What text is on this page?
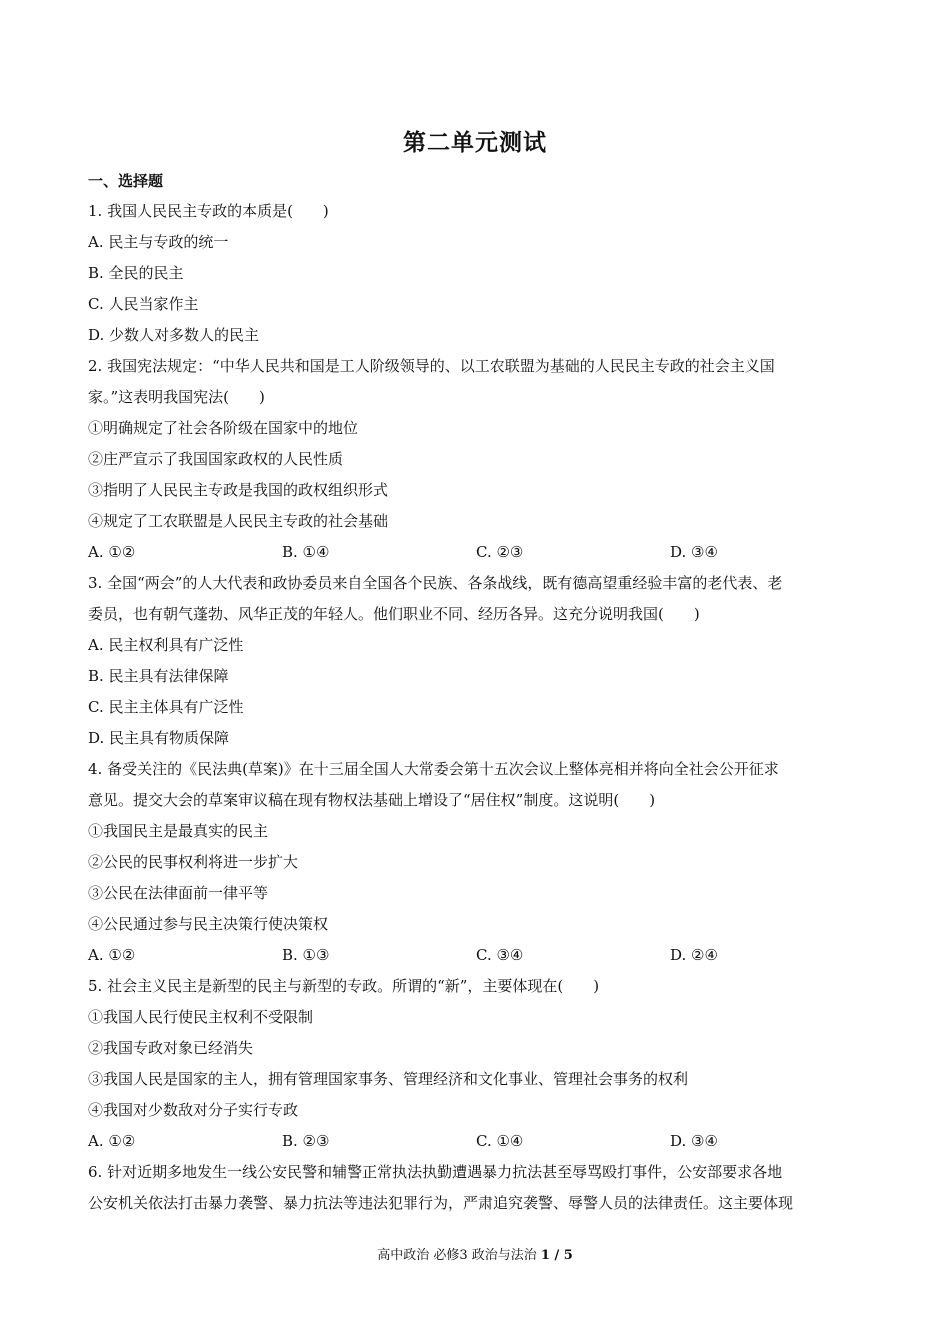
第二单元测试
一、选择题
1. 我国人民民主专政的本质是(　　)
A. 民主与专政的统一
B. 全民的民主
C. 人民当家作主
D. 少数人对多数人的民主
2. 我国宪法规定：“中华人民共和国是工人阶级领导的、以工农联盟为基础的人民民主专政的社会主义国
家。”这表明我国宪法(　　)
①明确规定了社会各阶级在国家中的地位
②庄严宣示了我国国家政权的人民性质
③指明了人民民主专政是我国的政权组织形式
④规定了工农联盟是人民民主专政的社会基础
A. ①②	B. ①④	C. ②③	D. ③④
3. 全国“两会”的人大代表和政协委员来自全国各个民族、各条战线，既有德高望重经验丰富的老代表、老
委员，也有朝气蓬勃、风华正茂的年轻人。他们职业不同、经历各异。这充分说明我国(　　)
A. 民主权利具有广泛性
B. 民主具有法律保障
C. 民主主体具有广泛性
D. 民主具有物质保障
4. 备受关注的《民法典(草案)》在十三届全国人大常委会第十五次会议上整体亮相并将向全社会公开征求
意见。提交大会的草案审议稿在现有物权法基础上增设了“居住权”制度。这说明(　　)
①我国民主是最真实的民主
②公民的民事权利将进一步扩大
③公民在法律面前一律平等
④公民通过参与民主决策行使决策权
A. ①②	B. ①③	C. ③④	D. ②④
5. 社会主义民主是新型的民主与新型的专政。所谓的“新”，主要体现在(　　)
①我国人民行使民主权利不受限制
②我国专政对象已经消失
③我国人民是国家的主人，拥有管理国家事务、管理经济和文化事业、管理社会事务的权利
④我国对少数敌对分子实行专政
A. ①②	B. ②③	C. ①④	D. ③④
6. 针对近期多地发生一线公安民警和辅警正常执法执勤遭遇暴力抗法甚至辱骂殴打事件，公安部要求各地
公安机关依法打击暴力袭警、暴力抗法等违法犯罪行为，严肃追究袭警、辱警人员的法律责任。这主要体现
高中政治 必修3 政治与法治 1 / 5
